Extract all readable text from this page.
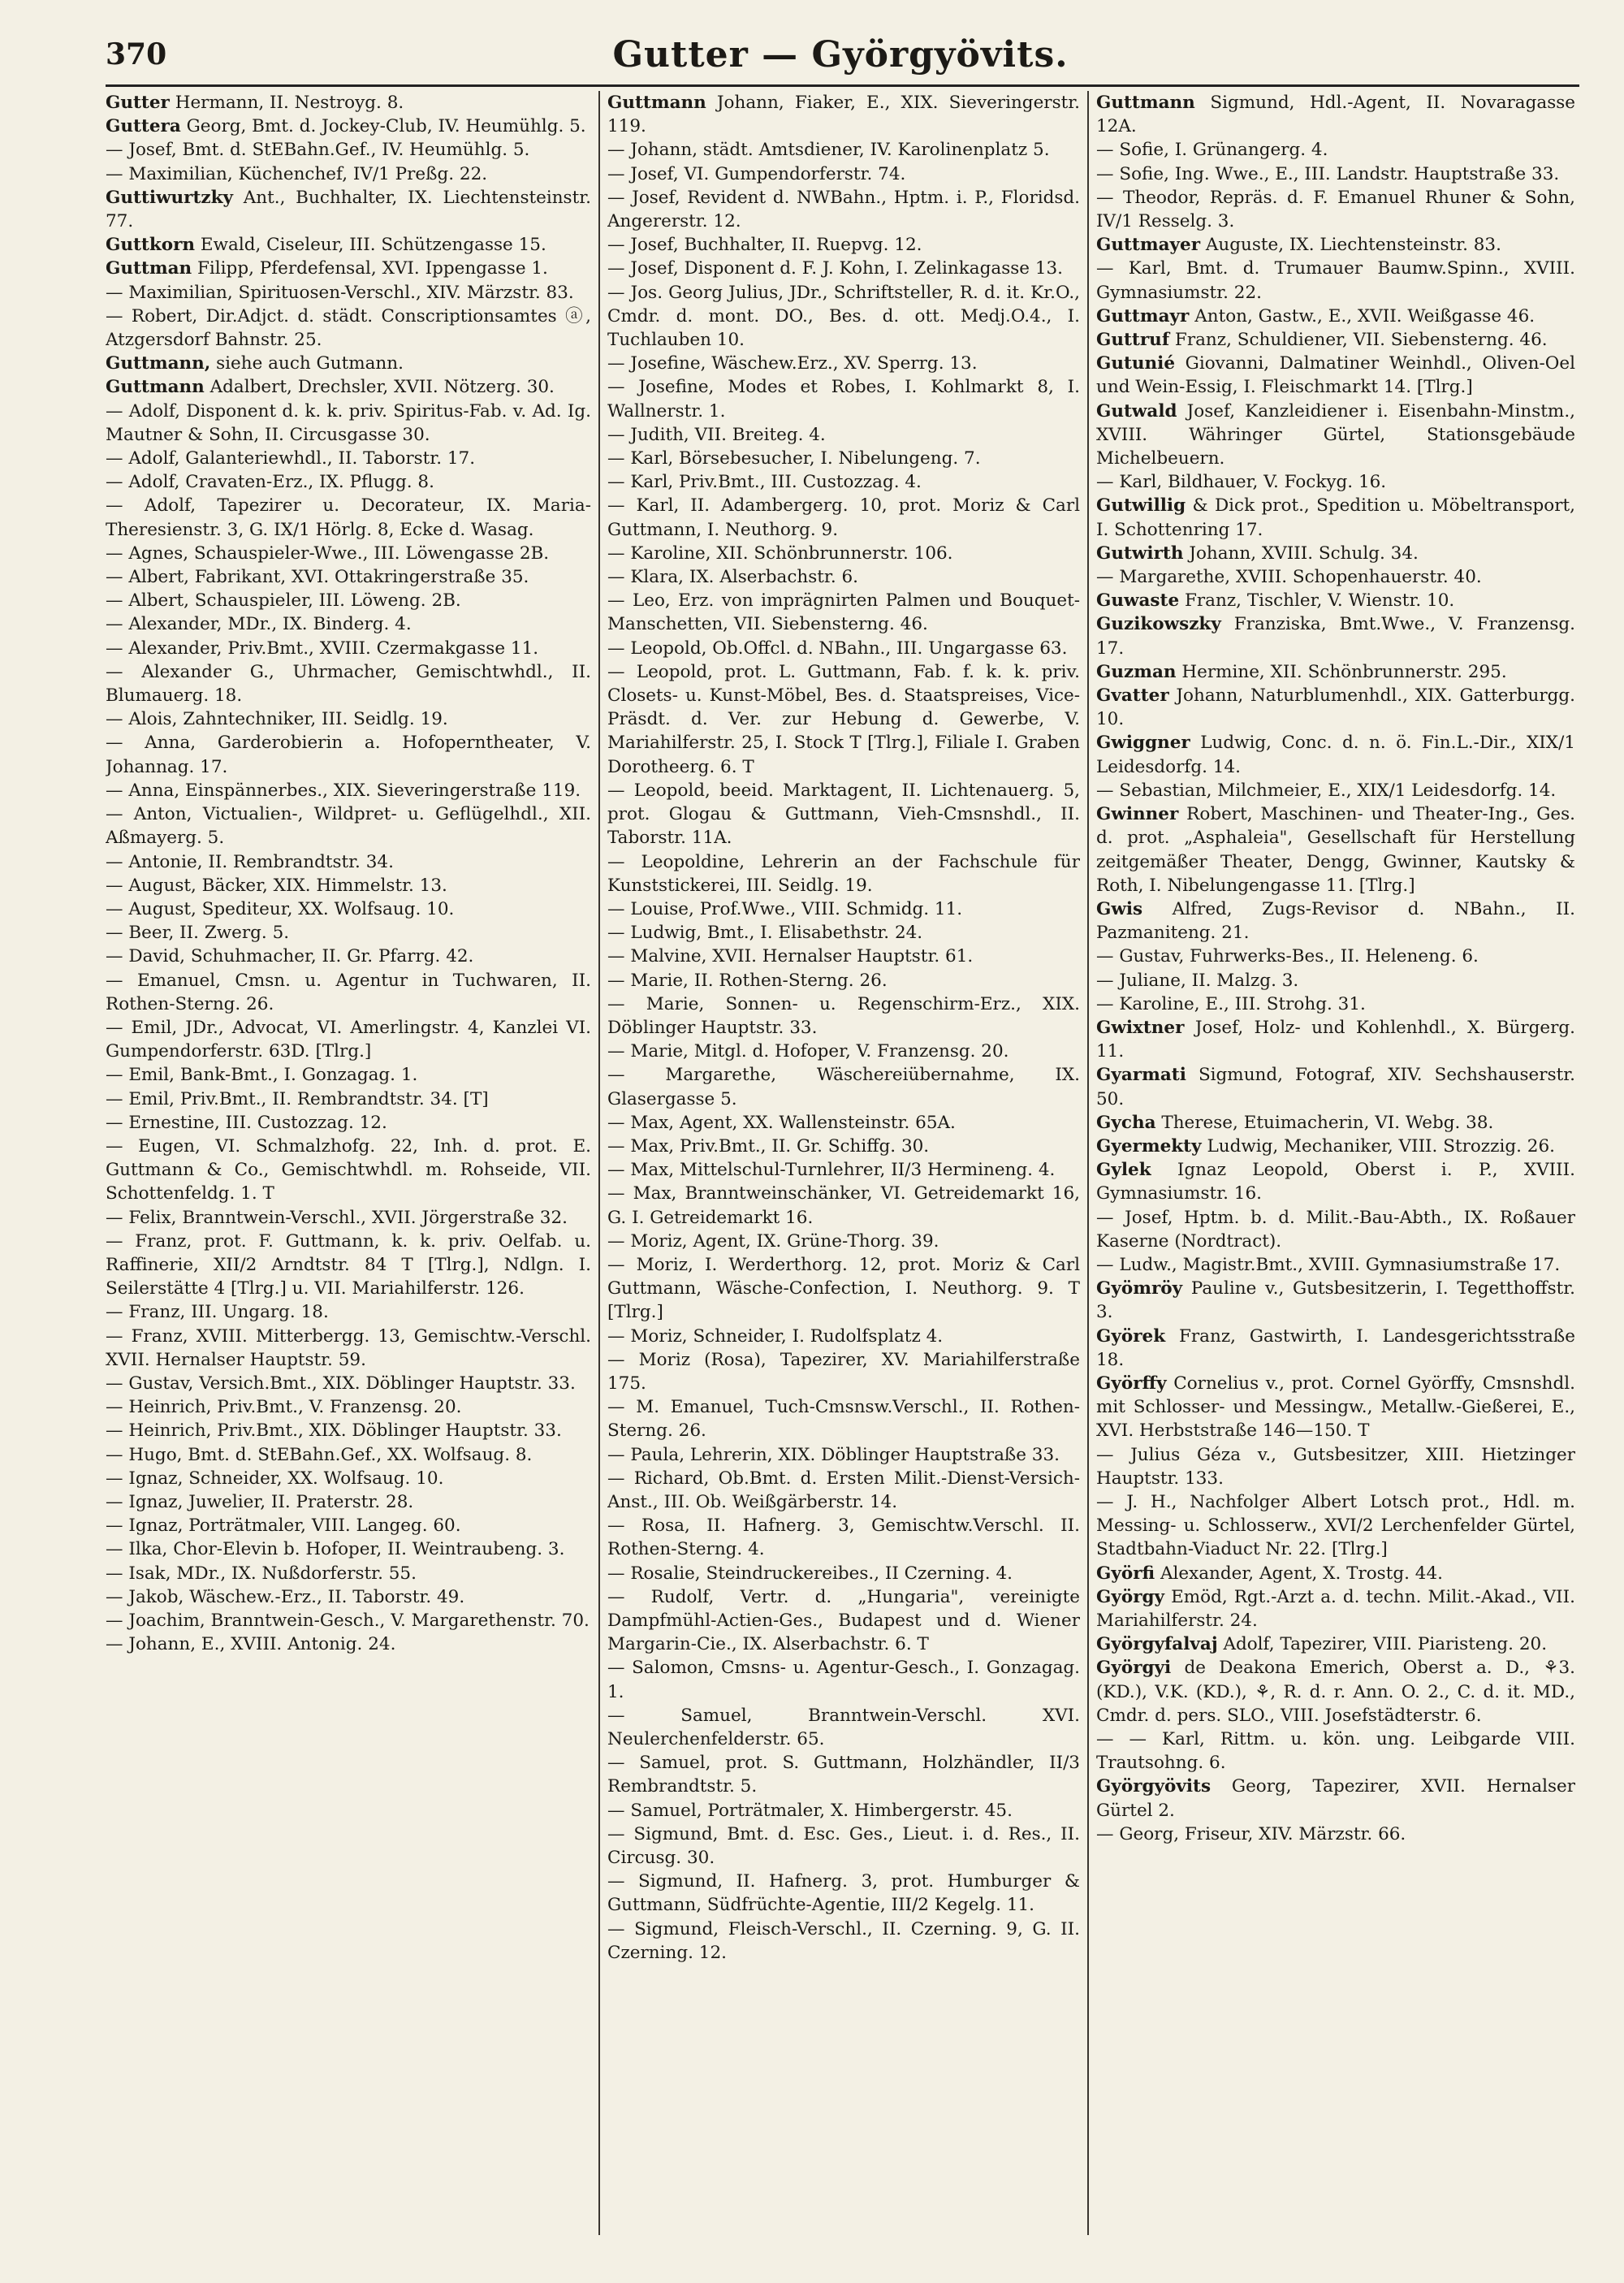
370	Gutter — Györgyövits.
Gutter Hermann, II. Nestroyg. 8.
Guttera Georg, Bmt. d. Jockey-Club, IV. Heumühlg. 5.
— Josef, Bmt. d. StEBahn.Gef., IV. Heumühlg. 5.
— Maximilian, Küchenchef, IV/1 Preßg. 22.
Guttiwurtzky Ant., Buchhalter, IX. Liechtensteinstr. 77.
Guttkorn Ewald, Ciseleur, III. Schützengasse 15.
Guttman Filipp, Pferdefensal, XVI. Ippengasse 1.
— Maximilian, Spirituosen-Verschl., XIV. Märzstr. 83.
— Robert, Dir.Adjct. d. städt. Conscriptionsamtes ⓐ, Atzgersdorf Bahnstr. 25.
Guttmann, siehe auch Gutmann.
Guttmann Adalbert, Drechsler, XVII. Nötzerg. 30.
— Adolf, Disponent d. k. k. priv. Spiritus-Fab. v. Ad. Ig. Mautner & Sohn, II. Circusgasse 30.
— Adolf, Galanteriewhdl., II. Taborstr. 17.
— Adolf, Cravaten-Erz., IX. Pflugg. 8.
— Adolf, Tapezirer u. Decorateur, IX. Maria-Theresienstr. 3, G. IX/1 Hörlg. 8, Ecke d. Wasag.
— Agnes, Schauspieler-Wwe., III. Löwengasse 2B.
— Albert, Fabrikant, XVI. Ottakringerstraße 35.
— Albert, Schauspieler, III. Löweng. 2B.
— Alexander, MDr., IX. Binderg. 4.
— Alexander, Priv.Bmt., XVIII. Czermakgasse 11.
— Alexander G., Uhrmacher, Gemischtwhdl., II. Blumauerg. 18.
— Alois, Zahntechniker, III. Seidlg. 19.
— Anna, Garderobierin a. Hofoperntheater, V. Johannag. 17.
— Anna, Einspännerbes., XIX. Sieveringerstraße 119.
— Anton, Victualien-, Wildpret- u. Geflügelhdl., XII. Aßmayerg. 5.
— Antonie, II. Rembrandtstr. 34.
— August, Bäcker, XIX. Himmelstr. 13.
— August, Spediteur, XX. Wolfsaug. 10.
— Beer, II. Zwerg. 5.
— David, Schuhmacher, II. Gr. Pfarrg. 42.
— Emanuel, Cmsn. u. Agentur in Tuchwaren, II. Rothen-Sterng. 26.
— Emil, JDr., Advocat, VI. Amerlingstr. 4, Kanzlei VI. Gumpendorferstr. 63D. [Tlrg.]
— Emil, Bank-Bmt., I. Gonzagag. 1.
— Emil, Priv.Bmt., II. Rembrandtstr. 34. [T]
— Ernestine, III. Custozzag. 12.
— Eugen, VI. Schmalzhofg. 22, Inh. d. prot. E. Guttmann & Co., Gemischtwhdl. m. Rohseide, VII. Schottenfeldg. 1. T
— Felix, Branntwein-Verschl., XVII. Jörgerstraße 32.
— Franz, prot. F. Guttmann, k. k. priv. Oelfab. u. Raffinerie, XII/2 Arndtstr. 84 T [Tlrg.], Ndlgn. I. Seilerstätte 4 [Tlrg.] u. VII. Mariahilferstr. 126.
— Franz, III. Ungarg. 18.
— Franz, XVIII. Mitterbergg. 13, Gemischtw.-Verschl. XVII. Hernalser Hauptstr. 59.
— Gustav, Versich.Bmt., XIX. Döblinger Hauptstr. 33.
— Heinrich, Priv.Bmt., V. Franzensg. 20.
— Heinrich, Priv.Bmt., XIX. Döblinger Hauptstr. 33.
— Hugo, Bmt. d. StEBahn.Gef., XX. Wolfsaug. 8.
— Ignaz, Schneider, XX. Wolfsaug. 10.
— Ignaz, Juwelier, II. Praterstr. 28.
— Ignaz, Porträtmaler, VIII. Langeg. 60.
— Ilka, Chor-Elevin b. Hofoper, II. Weintraubeng. 3.
— Isak, MDr., IX. Nußdorferstr. 55.
— Jakob, Wäschew.-Erz., II. Taborstr. 49.
— Joachim, Branntwein-Gesch., V. Margarethenstr. 70.
— Johann, E., XVIII. Antonig. 24.
Guttmann Johann, Fiaker, E., XIX. Sieveringerstr. 119.
— Johann, städt. Amtsdiener, IV. Karolinenplatz 5.
— Josef, VI. Gumpendorferstr. 74.
— Josef, Revident d. NWBahn., Hptm. i. P., Floridsd. Angererstr. 12.
— Josef, Buchhalter, II. Ruepvg. 12.
— Josef, Disponent d. F. J. Kohn, I. Zelinkagasse 13.
— Jos. Georg Julius, JDr., Schriftsteller, R. d. it. Kr.O., Cmdr. d. mont. DO., Bes. d. ott. Medj.O.4., I. Tuchlauben 10.
— Josefine, Wäschew.Erz., XV. Sperrg. 13.
— Josefine, Modes et Robes, I. Kohlmarkt 8, I. Wallnerstr. 1.
— Judith, VII. Breiteg. 4.
— Karl, Börsebesucher, I. Nibelungeng. 7.
— Karl, Priv.Bmt., III. Custozzag. 4.
— Karl, II. Adambergerg. 10, prot. Moriz & Carl Guttmann, I. Neuthorg. 9.
— Karoline, XII. Schönbrunnerstr. 106.
— Klara, IX. Alserbachstr. 6.
— Leo, Erz. von imprägnirten Palmen und Bouquet-Manschetten, VII. Siebensterng. 46.
— Leopold, Ob.Offcl. d. NBahn., III. Ungargasse 63.
— Leopold, prot. L. Guttmann, Fab. f. k. k. priv. Closets- u. Kunst-Möbel, Bes. d. Staatspreises, Vice-Präsdt. d. Ver. zur Hebung d. Gewerbe, V. Mariahilferstr. 25, I. Stock T [Tlrg.], Filiale I. Graben Dorotheerg. 6. T
— Leopold, beeid. Marktagent, II. Lichtenauerg. 5, prot. Glogau & Guttmann, Vieh-Cmsnshdl., II. Taborstr. 11A.
— Leopoldine, Lehrerin an der Fachschule für Kunststickerei, III. Seidlg. 19.
— Louise, Prof.Wwe., VIII. Schmidg. 11.
— Ludwig, Bmt., I. Elisabethstr. 24.
— Malvine, XVII. Hernalser Hauptstr. 61.
— Marie, II. Rothen-Sterng. 26.
— Marie, Sonnen- u. Regenschirm-Erz., XIX. Döblinger Hauptstr. 33.
— Marie, Mitgl. d. Hofoper, V. Franzensg. 20.
— Margarethe, Wäschereiübernahme, IX. Glasergasse 5.
— Max, Agent, XX. Wallensteinstr. 65A.
— Max, Priv.Bmt., II. Gr. Schiffg. 30.
— Max, Mittelschul-Turnlehrer, II/3 Hermineng. 4.
— Max, Branntweinschänker, VI. Getreidemarkt 16, G. I. Getreidemarkt 16.
— Moriz, Agent, IX. Grüne-Thorg. 39.
— Moriz, I. Werderthorg. 12, prot. Moriz & Carl Guttmann, Wäsche-Confection, I. Neuthorg. 9. T [Tlrg.]
— Moriz, Schneider, I. Rudolfsplatz 4.
— Moriz (Rosa), Tapezirer, XV. Mariahilferstraße 175.
— M. Emanuel, Tuch-Cmsnsw.Verschl., II. Rothen-Sterng. 26.
— Paula, Lehrerin, XIX. Döblinger Hauptstraße 33.
— Richard, Ob.Bmt. d. Ersten Milit.-Dienst-Versich-Anst., III. Ob. Weißgärberstr. 14.
— Rosa, II. Hafnerg. 3, Gemischtw.Verschl. II. Rothen-Sterng. 4.
— Rosalie, Steindruckereibes., II Czerning. 4.
— Rudolf, Vertr. d. „Hungaria", vereinigte Dampfmühl-Actien-Ges., Budapest und d. Wiener Margarin-Cie., IX. Alserbachstr. 6. T
— Salomon, Cmsns- u. Agentur-Gesch., I. Gonzagag. 1.
— Samuel, Branntwein-Verschl. XVI. Neulerchenfelderstr. 65.
— Samuel, prot. S. Guttmann, Holzhändler, II/3 Rembrandtstr. 5.
— Samuel, Porträtmaler, X. Himbergerstr. 45.
— Sigmund, Bmt. d. Esc. Ges., Lieut. i. d. Res., II. Circusg. 30.
— Sigmund, II. Hafnerg. 3, prot. Humburger & Guttmann, Südfrüchte-Agentie, III/2 Kegelg. 11.
— Sigmund, Fleisch-Verschl., II. Czerning. 9, G. II. Czerning. 12.
Guttmann Sigmund, Hdl.-Agent, II. Novaragasse 12A.
— Sofie, I. Grünangerg. 4.
— Sofie, Ing. Wwe., E., III. Landstr. Hauptstraße 33.
— Theodor, Repräs. d. F. Emanuel Rhuner & Sohn, IV/1 Resselg. 3.
Guttmayer Auguste, IX. Liechtensteinstr. 83.
— Karl, Bmt. d. Trumauer Baumw.Spinn., XVIII. Gymnasiumstr. 22.
Guttmayr Anton, Gastw., E., XVII. Weißgasse 46.
Guttruf Franz, Schuldiener, VII. Siebensterng. 46.
Gutunié Giovanni, Dalmatiner Weinhdl., Oliven-Oel und Wein-Essig, I. Fleischmarkt 14. [Tlrg.]
Gutwald Josef, Kanzleidiener i. Eisenbahn-Minstm., XVIII. Währinger Gürtel, Stationsgebäude Michelbeuern.
— Karl, Bildhauer, V. Fockyg. 16.
Gutwillig & Dick prot., Spedition u. Möbeltransport, I. Schottenring 17.
Gutwirth Johann, XVIII. Schulg. 34.
— Margarethe, XVIII. Schopenhauerstr. 40.
Guwaste Franz, Tischler, V. Wienstr. 10.
Guzikowszky Franziska, Bmt.Wwe., V. Franzensg. 17.
Guzman Hermine, XII. Schönbrunnerstr. 295.
Gvatter Johann, Naturblumenhdl., XIX. Gatterburgg. 10.
Gwiggner Ludwig, Conc. d. n. ö. Fin.L.-Dir., XIX/1 Leidesdorfg. 14.
— Sebastian, Milchmeier, E., XIX/1 Leidesdorfg. 14.
Gwinner Robert, Maschinen- und Theater-Ing., Ges. d. prot. „Asphaleia", Gesellschaft für Herstellung zeitgemäßer Theater, Dengg, Gwinner, Kautsky & Roth, I. Nibelungengasse 11. [Tlrg.]
Gwis Alfred, Zugs-Revisor d. NBahn., II. Pazmaniteng. 21.
— Gustav, Fuhrwerks-Bes., II. Heleneng. 6.
— Juliane, II. Malzg. 3.
— Karoline, E., III. Strohg. 31.
Gwixtner Josef, Holz- und Kohlenhdl., X. Bürgerg. 11.
Gyarmati Sigmund, Fotograf, XIV. Sechshauserstr. 50.
Gycha Therese, Etuimacherin, VI. Webg. 38.
Gyermekty Ludwig, Mechaniker, VIII. Strozzig. 26.
Gylek Ignaz Leopold, Oberst i. P., XVIII. Gymnasiumstr. 16.
— Josef, Hptm. b. d. Milit.-Bau-Abth., IX. Roßauer Kaserne (Nordtract).
— Ludw., Magistr.Bmt., XVIII. Gymnasiumstraße 17.
Gyömröy Pauline v., Gutsbesitzerin, I. Tegetthoffstr. 3.
Györek Franz, Gastwirth, I. Landesgerichtsstraße 18.
Györffy Cornelius v., prot. Cornel Györffy, Cmsnshdl. mit Schlosser- und Messingw., Metallw.-Gießerei, E., XVI. Herbststraße 146—150. T
— Julius Géza v., Gutsbesitzer, XIII. Hietzinger Hauptstr. 133.
— J. H., Nachfolger Albert Lotsch prot., Hdl. m. Messing- u. Schlosserw., XVI/2 Lerchenfelder Gürtel, Stadtbahn-Viaduct Nr. 22. [Tlrg.]
Györfi Alexander, Agent, X. Trostg. 44.
György Emöd, Rgt.-Arzt a. d. techn. Milit.-Akad., VII. Mariahilferstr. 24.
Györgyfalvaj Adolf, Tapezirer, VIII. Piaristeng. 20.
Györgyi de Deakona Emerich, Oberst a. D., ⚘3. (KD.), V.K. (KD.), ⚘, R. d. r. Ann. O. 2., C. d. it. MD., Cmdr. d. pers. SLO., VIII. Josefstädterstr. 6.
— — Karl, Rittm. u. kön. ung. Leibgarde VIII. Trautsohng. 6.
Györgyövits Georg, Tapezirer, XVII. Hernalser Gürtel 2.
— Georg, Friseur, XIV. Märzstr. 66.
